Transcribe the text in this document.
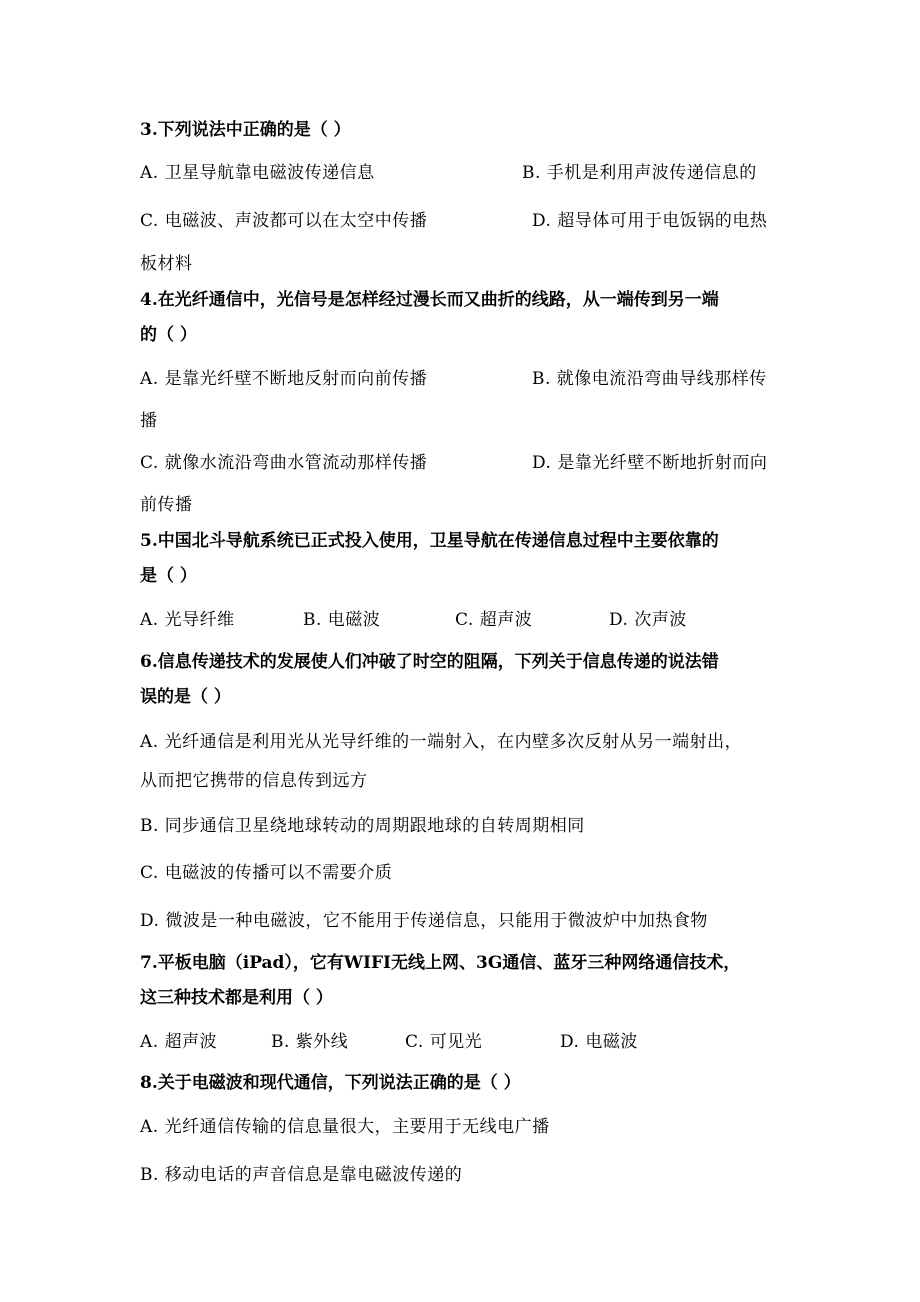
3.下列说法中正确的是（ ）
A. 卫星导航靠电磁波传递信息	B. 手机是利用声波传递信息的
C. 电磁波、声波都可以在太空中传播	D. 超导体可用于电饭锅的电热
板材料
4.在光纤通信中，光信号是怎样经过漫长而又曲折的线路，从一端传到另一端
的（ ）
A. 是靠光纤壁不断地反射而向前传播	B. 就像电流沿弯曲导线那样传
播
C. 就像水流沿弯曲水管流动那样传播	D. 是靠光纤壁不断地折射而向
前传播
5.中国北斗导航系统已正式投入使用，卫星导航在传递信息过程中主要依靠的
是（ ）
A. 光导纤维	B. 电磁波	C. 超声波	D. 次声波
6.信息传递技术的发展使人们冲破了时空的阻隔，下列关于信息传递的说法错
误的是（ ）
A. 光纤通信是利用光从光导纤维的一端射入，在内壁多次反射从另一端射出，
从而把它携带的信息传到远方
B. 同步通信卫星绕地球转动的周期跟地球的自转周期相同
C. 电磁波的传播可以不需要介质
D. 微波是一种电磁波，它不能用于传递信息，只能用于微波炉中加热食物
7.平板电脑（iPad），它有WIFI无线上网、3G通信、蓝牙三种网络通信技术，
这三种技术都是利用（ ）
A. 超声波	B. 紫外线	C. 可见光	D. 电磁波
8.关于电磁波和现代通信，下列说法正确的是（ ）
A. 光纤通信传输的信息量很大，主要用于无线电广播
B. 移动电话的声音信息是靠电磁波传递的
